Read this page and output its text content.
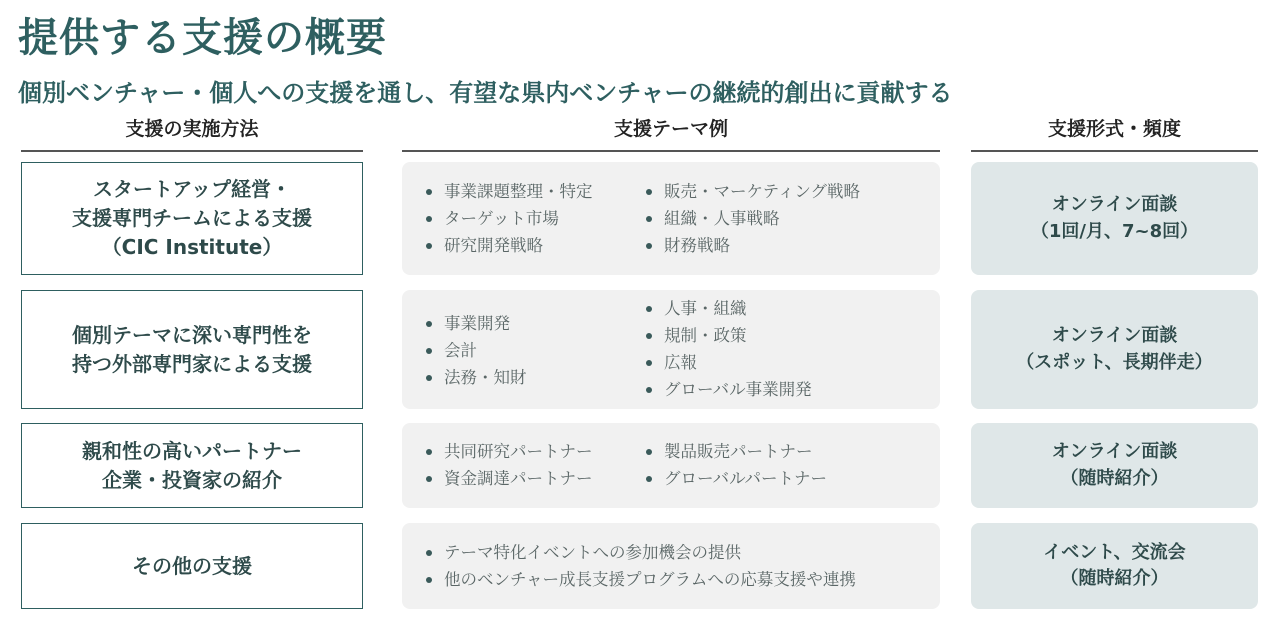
提供する支援の概要
個別ベンチャー・個人への支援を通し、有望な県内ベンチャーの継続的創出に貢献する
支援の実施方法	支援テーマ例	支援形式・頻度
スタートアップ経営・
支援専門チームによる支援
（CIC Institute）
事業課題整理・特定
ターゲット市場
研究開発戦略
販売・マーケティング戦略
組織・人事戦略
財務戦略
オンライン面談
（1回/月、7~8回）
個別テーマに深い専門性を
持つ外部専門家による支援
事業開発
会計
法務・知財
人事・組織
規制・政策
広報
グローバル事業開発
オンライン面談
（スポット、長期伴走）
親和性の高いパートナー
企業・投資家の紹介
共同研究パートナー
資金調達パートナー
製品販売パートナー
グローバルパートナー
オンライン面談
（随時紹介）
その他の支援
テーマ特化イベントへの参加機会の提供
他のベンチャー成長支援プログラムへの応募支援や連携
イベント、交流会
（随時紹介）
